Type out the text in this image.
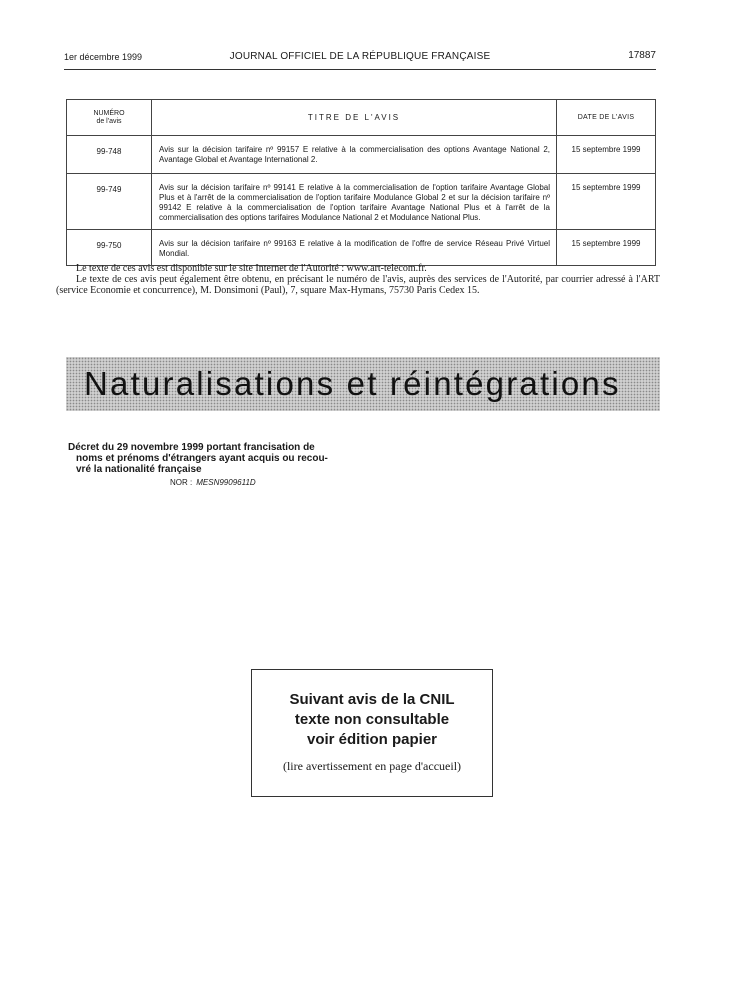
1er décembre 1999	JOURNAL OFFICIEL DE LA RÉPUBLIQUE FRANÇAISE	17887
NUMÉRO
de l'avis	TITRE DE L'AVIS	DATE DE L'AVIS
99-748	Avis sur la décision tarifaire nº 99157 E relative à la commercialisation des options Avantage National 2, Avantage Global et Avantage International 2.	15 septembre 1999
99-749	Avis sur la décision tarifaire nº 99141 E relative à la commercialisation de l'option tarifaire Avantage Global Plus et à l'arrêt de la commercialisation de l'option tarifaire Modulance Global 2 et sur la décision tarifaire nº 99142 E relative à la commercialisation de l'option tarifaire Avantage National Plus et à l'arrêt de la commercialisation des options tarifaires Modulance National 2 et Modulance National Plus.	15 septembre 1999
99-750	Avis sur la décision tarifaire nº 99163 E relative à la modification de l'offre de service Réseau Privé Virtuel Mondial.	15 septembre 1999

Le texte de ces avis est disponible sur le site Internet de l'Autorité : www.art-telecom.fr.

Le texte de ces avis peut également être obtenu, en précisant le numéro de l'avis, auprès des services de l'Autorité, par courrier adressé à l'ART (service Economie et concurrence), M. Donsimoni (Paul), 7, square Max-Hymans, 75730 Paris Cedex 15.

Naturalisations et réintégrations

Décret du 29 novembre 1999 portant francisation de
noms et prénoms d'étrangers ayant acquis ou recou-
vré la nationalité française

NOR : MESN9909611D

Suivant avis de la CNIL

texte non consultable

voir édition papier

(lire avertissement en page d'accueil)
